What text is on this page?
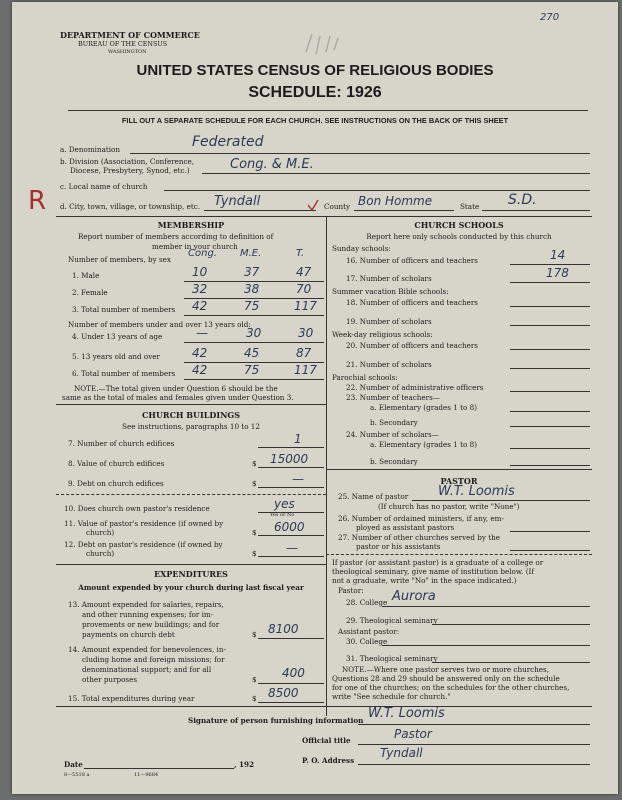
270
DEPARTMENT OF COMMERCE
BUREAU OF THE CENSUS
WASHINGTON
UNITED STATES CENSUS OF RELIGIOUS BODIES
SCHEDULE: 1926
FILL OUT A SEPARATE SCHEDULE FOR EACH CHURCH. SEE INSTRUCTIONS ON THE BACK OF THIS SHEET
a. Denomination	Federated
b. Division (Association, Conference,
Diocese, Presbytery, Synod, etc.)	Cong. & M.E.
c. Local name of church
R d. City, town, village, or township, etc. Tyndall	County Bon Homme	State S.D.
MEMBERSHIP
Report number of members according to definition of
member in your church
Number of members, by sex
Cong. M.E.	T.
1. Male	10	37	47
2. Female	32	38	70
3. Total number of members 42	75	117
Number of members under and over 13 years old:
4. Under 13 years of age	—	30	30
5. 13 years old and over	42	45	87
6. Total number of members 42	75	117
NOTE.—The total given under Question 6 should be the
same as the total of males and females given under Question 3.
CHURCH BUILDINGS
See instructions, paragraphs 10 to 12
7. Number of church edifices	1
8. Value of church edifices	$ 15000
9. Debt on church edifices	$	—
10. Does church own pastor's residence	yes
Yes or No
11. Value of pastor's residence (if owned by
church)	$ 6000
12. Debt on pastor's residence (if owned by
church)	$ —
EXPENDITURES
Amount expended by your church during last fiscal year
13. Amount expended for salaries, repairs,
and other running expenses; for im-
provements or new buildings; and for
payments on church debt	$ 8100
14. Amount expended for benevolences, in-
cluding home and foreign missions; for
denominational support; and for all
other purposes	$ 400
15. Total expenditures during year	$ 8500
CHURCH SCHOOLS
Report here only schools conducted by this church
Sunday schools:
16. Number of officers and teachers	14
17. Number of scholars	178
Summer vacation Bible schools:
18. Number of officers and teachers
19. Number of scholars
Week-day religious schools:
20. Number of officers and teachers
21. Number of scholars
Parochial schools:
22. Number of administrative officers
23. Number of teachers—
a. Elementary (grades 1 to 8)
b. Secondary
24. Number of scholars—
a. Elementary (grades 1 to 8)
b. Secondary
PASTOR
25. Name of pastor W.T. Loomis
(If church has no pastor, write "None")
26. Number of ordained ministers, if any, em-
ployed as assistant pastors
27. Number of other churches served by the
pastor or his assistants
If pastor (or assistant pastor) is a graduate of a college or
theological seminary, give name of institution below. (If
not a graduate, write "No" in the space indicated.)
Pastor:
28. College Aurora
29. Theological seminary
Assistant pastor:
30. College
31. Theological seminary
NOTE.—Where one pastor serves two or more churches,
Questions 28 and 29 should be answered only on the schedule
for one of the churches; on the schedules for the other churches,
write "See schedule for church."
Signature of person furnishing information W.T. Loomis
Official title	Pastor
Date	, 192	P. O. Address
Tyndall
8—5518 a	11—9684
